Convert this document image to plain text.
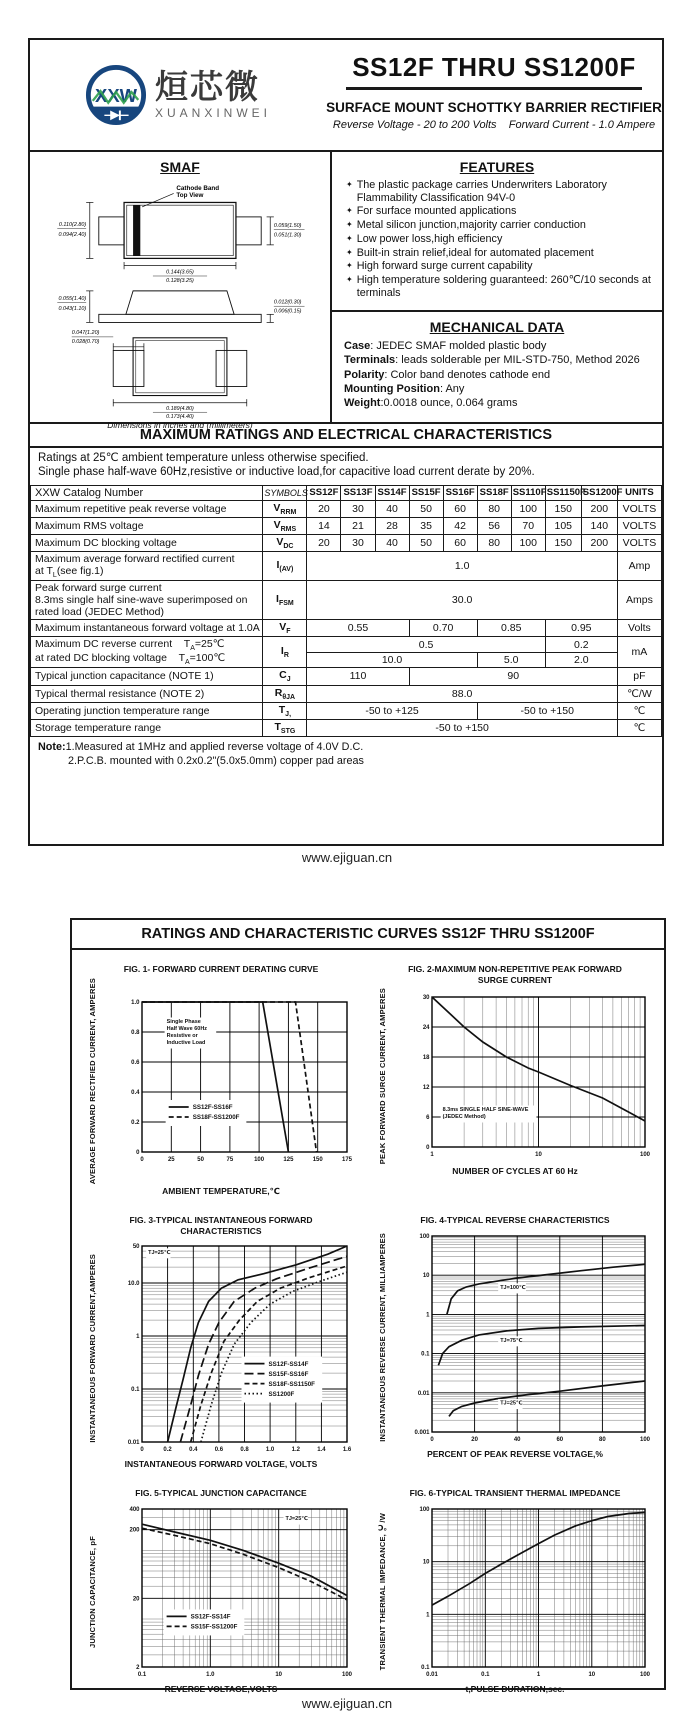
XXW 烜芯微
XUANXINWEI
SS12F THRU SS1200F
SURFACE MOUNT SCHOTTKY BARRIER RECTIFIER
Reverse Voltage - 20 to 200 Volts    Forward Current - 1.0 Ampere
SMAF
Cathode Band
Top View
0.110(2.80)
0.094(2.40)
0.059(1.50)
0.051(1.30)
0.144(3.65)
0.128(3.25)
0.055(1.40)
0.043(1.10)
0.012(0.30)
0.006(0.15)
0.047(1.20)
0.028(0.70)
0.189(4.80)
0.173(4.40)
Dimensions in inches and (millimeters)
FEATURES
✦ The plastic package carries Underwriters Laboratory Flammability Classification 94V-0
✦ For surface mounted applications
✦ Metal silicon junction,majority carrier conduction
✦ Low power loss,high efficiency
✦ Built-in strain relief,ideal for automated placement
✦ High forward surge current capability
✦ High temperature soldering guaranteed: 260℃/10 seconds at terminals
MECHANICAL DATA
Case: JEDEC SMAF molded plastic body
Terminals: leads solderable per MIL-STD-750, Method 2026
Polarity: Color band denotes cathode end
Mounting Position: Any
Weight:0.0018 ounce, 0.064 grams
MAXIMUM RATINGS AND ELECTRICAL CHARACTERISTICS
Ratings at 25℃ ambient temperature unless otherwise specified.
Single phase half-wave 60Hz,resistive or inductive load,for capacitive load current derate by 20%.
XXW Catalog Number	SYMBOLS	SS12F	SS13F	SS14F	SS15F	SS16F	SS18F	SS110F	SS1150F	SS1200F	UNITS
Maximum repetitive peak reverse voltage	$V_{RRM}$	20	30	40	50	60	80	100	150	200	VOLTS
Maximum RMS voltage	$V_{RMS}$	14	21	28	35	42	56	70	105	140	VOLTS
Maximum DC blocking voltage	$V_{DC}$	20	30	40	50	60	80	100	150	200	VOLTS

Maximum average forward rectified current
at $T_L(see$ fig.1)	$I_{(AV)}$	1.0									Amp

Peak forward surge current
8.3ms single half sine-wave superimposed on
rated load (JEDEC Method)	$I_{FSM}$	30.0									Amps
Maximum instantaneous forward voltage at 1.0A	$V_F$	0.55			0.70		0.85		0.95		Volts

Maximum DC reverse current    $T_A=25℃$
at rated DC blocking voltage    $T_A=100℃$	$I_R$	0.5							0.2		mA
		10.0					5.0		2.0		
Typical junction capacitance (NOTE 1)	$C_J$	110			90						pF
Typical thermal resistance (NOTE 2)	$R_{\theta JA}$	88.0									℃/W
Operating junction temperature range	$T_{J,}$	-50 to +125					-50 to +150				℃
Storage temperature range	$T_{STG}$	-50 to +150									℃
Note:1.Measured at 1MHz and applied reverse voltage of 4.0V D.C.
2.P.C.B. mounted with 0.2x0.2"(5.0x5.0mm) copper pad areas
www.ejiguan.cn
RATINGS AND CHARACTERISTIC CURVES SS12F THRU SS1200F
FIG. 1- FORWARD CURRENT DERATING CURVE
AVERAGE FORWARD RECTIFIED CURRENT, AMPERES	0	25	50	75	100	125	150	175
0
0.2
0.4
0.6
0.8
1.0
Single Phase
Half Wave 60Hz
Resistive or
Inductive Load
SS12F-SS16F
SS18F-SS1200F
AMBIENT TEMPERATURE,℃
FIG. 2-MAXIMUM NON-REPETITIVE PEAK FORWARD SURGE CURRENT
PEAK FORWARD SURGE CURRENT, AMPERES	1	10	100
0
6
12
18
24
30
8.3ms SINGLE HALF SINE-WAVE
(JEDEC Method)
NUMBER OF CYCLES AT 60 Hz
FIG. 3-TYPICAL INSTANTANEOUS FORWARD CHARACTERISTICS
INSTANTANEOUS FORWARD CURRENT,AMPERES
0	0.2	0.4	0.6	0.8	1.0	1.2	1.4	1.6
0.01
0.1
1
10.0
50
TJ=25℃
SS12F-SS14F
SS15F-SS16F
SS18F-SS1150F
SS1200F
INSTANTANEOUS FORWARD VOLTAGE, VOLTS
FIG. 4-TYPICAL REVERSE CHARACTERISTICS
INSTANTANEOUS REVERSE CURRENT, MILLIAMPERES	0	20	40	60	80	100
0.001
0.01
0.1
1
10
100
TJ=100℃
TJ=75℃
TJ=25℃
PERCENT OF PEAK REVERSE VOLTAGE,%
FIG. 5-TYPICAL JUNCTION CAPACITANCE
JUNCTION CAPACITANCE, pF
0.1	1.0	10	100
2
20
200
400
TJ=25℃
SS12F-SS14F
SS15F-SS1200F
REVERSE VOLTAGE,VOLTS
FIG. 6-TYPICAL TRANSIENT THERMAL IMPEDANCE
TRANSIENT THERMAL IMPEDANCE, ℃/W
0.01	0.1	1	10	100
0.1
1
10
100
t,PULSE DURATION,sec.
www.ejiguan.cn
